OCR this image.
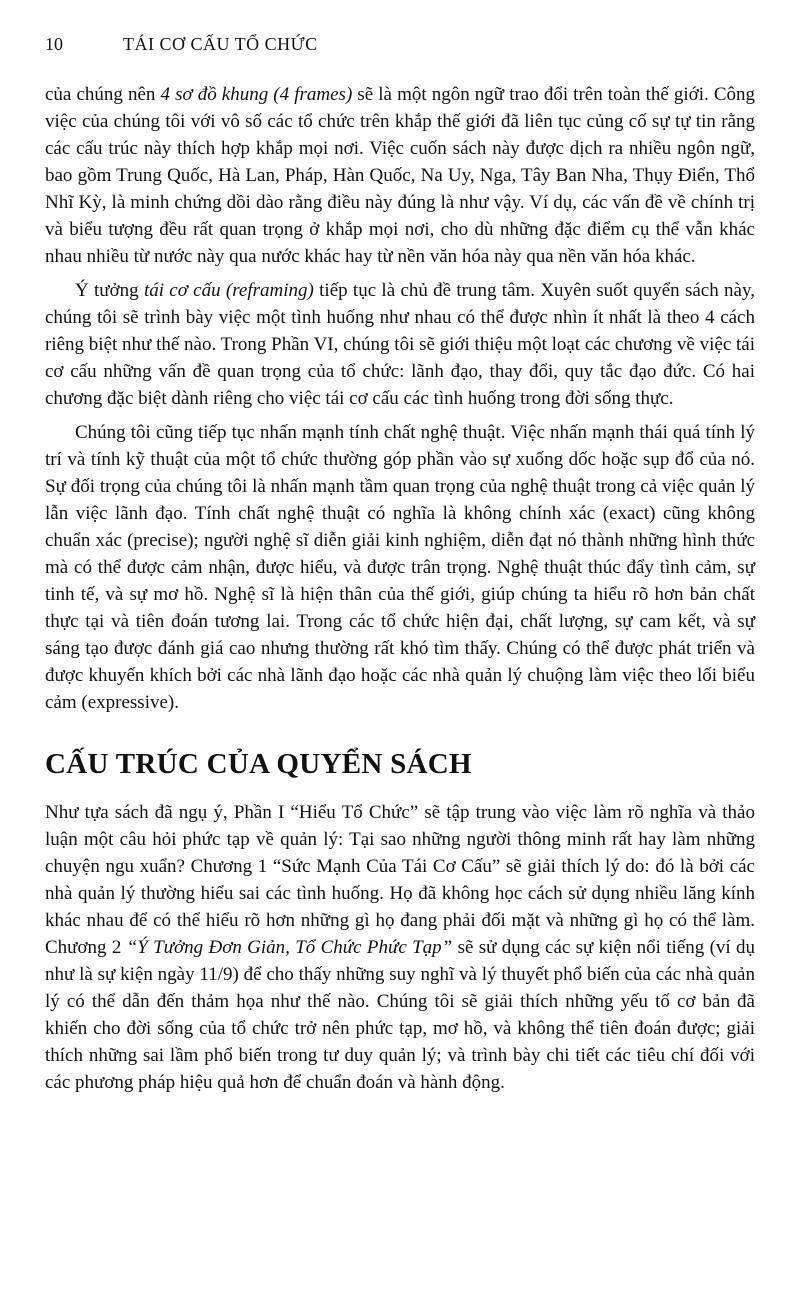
10	TÁI CƠ CẤU TỔ CHỨC

của chúng nên 4 sơ đồ khung (4 frames) sẽ là một ngôn ngữ trao đổi trên toàn thế giới. Công việc của chúng tôi với vô số các tổ chức trên khắp thế giới đã liên tục củng cố sự tự tin rằng các cấu trúc này thích hợp khắp mọi nơi. Việc cuốn sách này được dịch ra nhiều ngôn ngữ, bao gồm Trung Quốc, Hà Lan, Pháp, Hàn Quốc, Na Uy, Nga, Tây Ban Nha, Thụy Điển, Thổ Nhĩ Kỳ, là minh chứng dồi dào rằng điều này đúng là như vậy. Ví dụ, các vấn đề về chính trị và biểu tượng đều rất quan trọng ở khắp mọi nơi, cho dù những đặc điểm cụ thể vẫn khác nhau nhiều từ nước này qua nước khác hay từ nền văn hóa này qua nền văn hóa khác.

Ý tưởng tái cơ cấu (reframing) tiếp tục là chủ đề trung tâm. Xuyên suốt quyển sách này, chúng tôi sẽ trình bày việc một tình huống như nhau có thể được nhìn ít nhất là theo 4 cách riêng biệt như thế nào. Trong Phần VI, chúng tôi sẽ giới thiệu một loạt các chương về việc tái cơ cấu những vấn đề quan trọng của tổ chức: lãnh đạo, thay đổi, quy tắc đạo đức. Có hai chương đặc biệt dành riêng cho việc tái cơ cấu các tình huống trong đời sống thực.

Chúng tôi cũng tiếp tục nhấn mạnh tính chất nghệ thuật. Việc nhấn mạnh thái quá tính lý trí và tính kỹ thuật của một tổ chức thường góp phần vào sự xuống dốc hoặc sụp đổ của nó. Sự đối trọng của chúng tôi là nhấn mạnh tầm quan trọng của nghệ thuật trong cả việc quản lý lẫn việc lãnh đạo. Tính chất nghệ thuật có nghĩa là không chính xác (exact) cũng không chuẩn xác (precise); người nghệ sĩ diễn giải kinh nghiệm, diễn đạt nó thành những hình thức mà có thể được cảm nhận, được hiểu, và được trân trọng. Nghệ thuật thúc đẩy tình cảm, sự tinh tế, và sự mơ hồ. Nghệ sĩ là hiện thân của thế giới, giúp chúng ta hiểu rõ hơn bản chất thực tại và tiên đoán tương lai. Trong các tổ chức hiện đại, chất lượng, sự cam kết, và sự sáng tạo được đánh giá cao nhưng thường rất khó tìm thấy. Chúng có thể được phát triển và được khuyến khích bởi các nhà lãnh đạo hoặc các nhà quản lý chuộng làm việc theo lối biểu cảm (expressive).

CẤU TRÚC CỦA QUYỂN SÁCH

Như tựa sách đã ngụ ý, Phần I “Hiểu Tổ Chức” sẽ tập trung vào việc làm rõ nghĩa và thảo luận một câu hỏi phức tạp về quản lý: Tại sao những người thông minh rất hay làm những chuyện ngu xuẩn? Chương 1 “Sức Mạnh Của Tái Cơ Cấu” sẽ giải thích lý do: đó là bởi các nhà quản lý thường hiểu sai các tình huống. Họ đã không học cách sử dụng nhiều lăng kính khác nhau để có thể hiểu rõ hơn những gì họ đang phải đối mặt và những gì họ có thể làm. Chương 2 “Ý Tưởng Đơn Giản, Tổ Chức Phức Tạp” sẽ sử dụng các sự kiện nổi tiếng (ví dụ như là sự kiện ngày 11/9) để cho thấy những suy nghĩ và lý thuyết phổ biến của các nhà quản lý có thể dẫn đến thảm họa như thế nào. Chúng tôi sẽ giải thích những yếu tố cơ bản đã khiến cho đời sống của tổ chức trở nên phức tạp, mơ hồ, và không thể tiên đoán được; giải thích những sai lầm phổ biến trong tư duy quản lý; và trình bày chi tiết các tiêu chí đối với các phương pháp hiệu quả hơn để chuẩn đoán và hành động.
